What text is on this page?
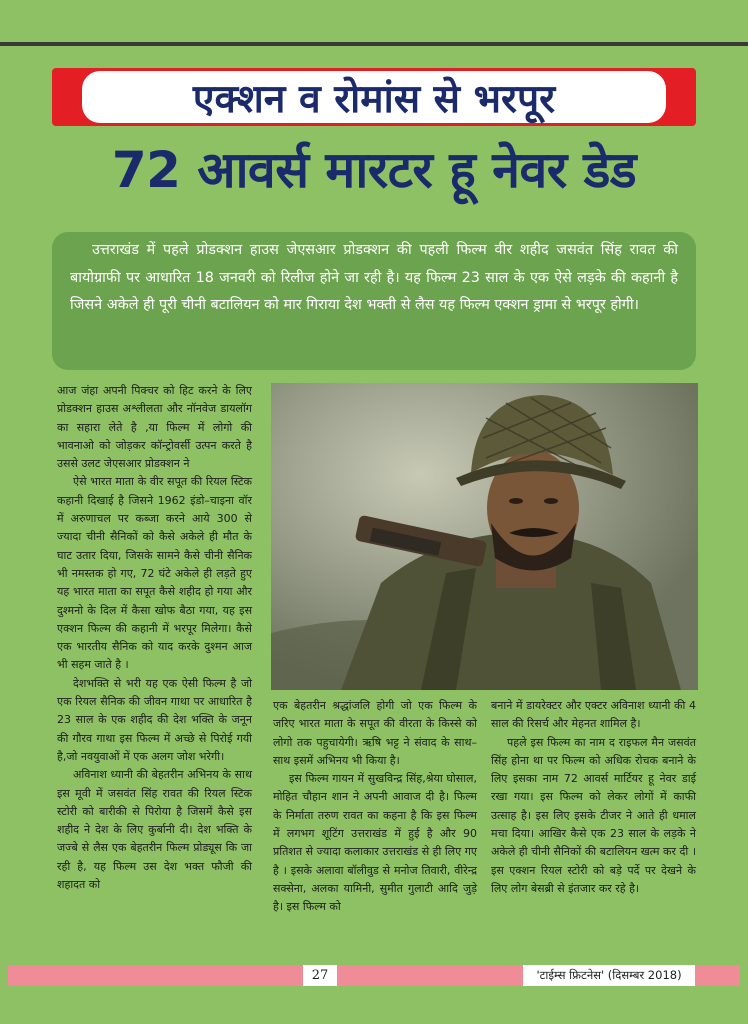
एक्शन व रोमांस से भरपूर
72 आवर्स मारटर हू नेवर डेड

उत्तराखंड में पहले प्रोडक्शन हाउस जेएसआर प्रोडक्शन की पहली फिल्म वीर शहीद जसवंत सिंह रावत की बायोग्राफी पर आधारित 18 जनवरी को रिलीज होने जा रही है। यह फिल्म 23 साल के एक ऐसे लड़के की कहानी है जिसने अकेले ही पूरी चीनी बटालियन को मार गिराया देश भक्ती से लैस यह फिल्म एक्शन ड्रामा से भरपूर होगी।

आज जंहा अपनी पिक्चर को हिट करने के लिए प्रोडक्शन हाउस अश्लीलता और नॉनवेज डायलॉग का सहारा लेते है ,या फिल्म में लोगो की भावनाओ को जोड़कर कॉन्ट्रोवर्सी उत्पन करते है उससे उलट जेएसआर प्रोडक्शन ने

ऐसे भारत माता के वीर सपूत की रियल स्टिक कहानी दिखाई है जिसने 1962 इंडो–चाइना वॉर में अरुणाचल पर कब्जा करने आये 300 से ज्यादा चीनी सैनिकों को कैसे अकेले ही मौत के घाट उतार दिया, जिसके सामने कैसे चीनी सैनिक भी नमस्तक हो गए, 72 घंटे अकेले ही लड़ते हुए यह भारत माता का सपूत कैसे शहीद हो गया और दुश्मनो के दिल में कैसा खोफ बैठा गया, यह इस एक्शन फिल्म की कहानी में भरपूर मिलेगा। कैसे एक भारतीय सैनिक को याद करके दुश्मन आज भी सहम जाते है ।

देशभक्ति से भरी यह एक ऐसी फिल्म है जो एक रियल सैनिक की जीवन गाथा पर आधारित है 23 साल के एक शहीद की देश भक्ति के जनून की गौरव गाथा इस फिल्म में अच्छे से पिरोई गयी है,जो नवयुवाओं में एक अलग जोश भरेगी।

अविनाश ध्यानी की बेहतरीन अभिनय के साथ इस मूवी में जसवंत सिंह रावत की रियल स्टिक स्टोरी को बारीकी से पिरोया है जिसमें कैसे इस शहीद ने देश के लिए कुर्बानी दी। देश भक्ति के जज्बे से लैस एक बेहतरीन फिल्म प्रोड्यूस कि जा रही है, यह फिल्म उस देश भक्त फौजी की शहादत को

एक बेहतरीन श्रद्धांजलि होगी जो एक फिल्म के जरिए भारत माता के सपूत की वीरता के किस्से को लोगो तक पहुचायेगी। ऋषि भट्ट ने संवाद के साथ–साथ इसमें अभिनय भी किया है।

इस फिल्म गायन में सुखविन्द्र सिंह,श्रेया घोसाल, मोहित चौहान शान ने अपनी आवाज दी है। फिल्म के निर्माता तरुण रावत का कहना है कि इस फिल्म में लगभग शूटिंग उत्तराखंड में हुई है और 90 प्रतिशत से ज्यादा कलाकार उत्तराखंड से ही लिए गए है । इसके अलावा बॉलीवुड से मनोज तिवारी, वीरेन्द्र सक्सेना, अलका यामिनी, सुमीत गुलाटी आदि जुड़े है। इस फिल्म को

बनाने में डायरेक्टर और एक्टर अविनाश ध्यानी की 4 साल की रिसर्च और मेहनत शामिल है।

पहले इस फिल्म का नाम द राइफल मैन जसवंत सिंह होना था पर फिल्म को अधिक रोचक बनाने के लिए इसका नाम 72 आवर्स मार्टियर हू नेवर डाई रखा गया। इस फिल्म को लेकर लोगों में काफी उत्साह है। इस लिए इसके टीजर ने आते ही धमाल मचा दिया। आखिर कैसे एक 23 साल के लड़के ने अकेले ही चीनी सैनिकों की बटालियन खत्म कर दी । इस एक्शन रियल स्टोरी को बड़े पर्दे पर देखने के लिए लोग बेसब्री से इंतजार कर रहे है।

27	'टाईम्स फ्रिटनेस' (दिसम्बर 2018)
